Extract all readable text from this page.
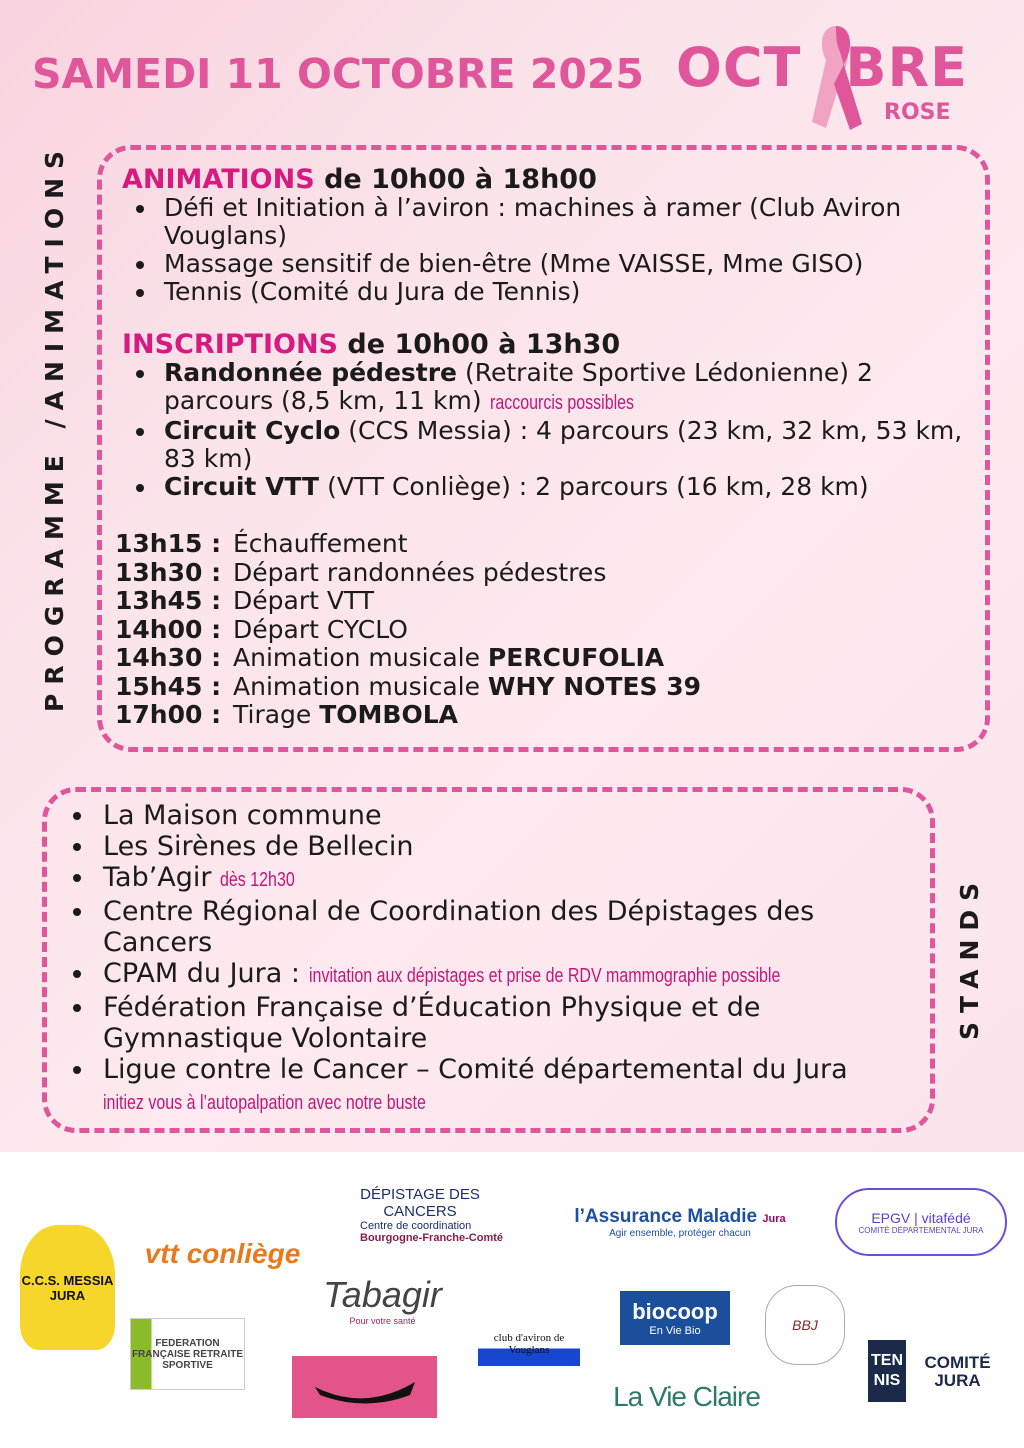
SAMEDI 11 OCTOBRE 2025 OCT BRE
ROSE
PROGRAMME /ANIMATIONS
STANDS
ANIMATIONS de 10h00 à 18h00
Défi et Initiation à l’aviron : machines à ramer (Club Aviron Vouglans)
Massage sensitif de bien-être (Mme VAISSE, Mme GISO)
Tennis (Comité du Jura de Tennis)
INSCRIPTIONS de 10h00 à 13h30
Randonnée pédestre (Retraite Sportive Lédonienne) 2 parcours (8,5 km, 11 km) raccourcis possibles
Circuit Cyclo (CCS Messia) : 4 parcours (23 km, 32 km, 53 km, 83 km)
Circuit VTT (VTT Conliège) : 2 parcours (16 km, 28 km)
13h15 : Échauffement
13h30 : Départ randonnées pédestres
13h45 : Départ VTT
14h00 : Départ CYCLO
14h30 : Animation musicale PERCUFOLIA
15h45 : Animation musicale WHY NOTES 39
17h00 : Tirage TOMBOLA
La Maison commune
Les Sirènes de Bellecin
Tab’Agir dès 12h30
Centre Régional de Coordination des Dépistages des Cancers
CPAM du Jura : invitation aux dépistages et prise de RDV mammographie possible
Fédération Française d’Éducation Physique et de Gymnastique Volontaire
Ligue contre le Cancer – Comité départemental du Jura initiez vous à l’autopalpation avec notre buste
C.C.S. MESSIA JURA
vtt conliège
DÉPISTAGE DES CANCERS
Centre de coordination
Bourgogne-Franche-Comté
l’Assurance Maladie Jura
Agir ensemble, protéger chacun
EPGV | vitafédé
COMITÉ DÉPARTEMENTAL JURA
Tabagir
Pour votre santé
FEDERATION FRANÇAISE RETRAITE SPORTIVE
club d'aviron de Vouglans
biocoop
En Vie Bio
La Vie Claire
BBJ
TEN NIS
COMITÉ JURA
